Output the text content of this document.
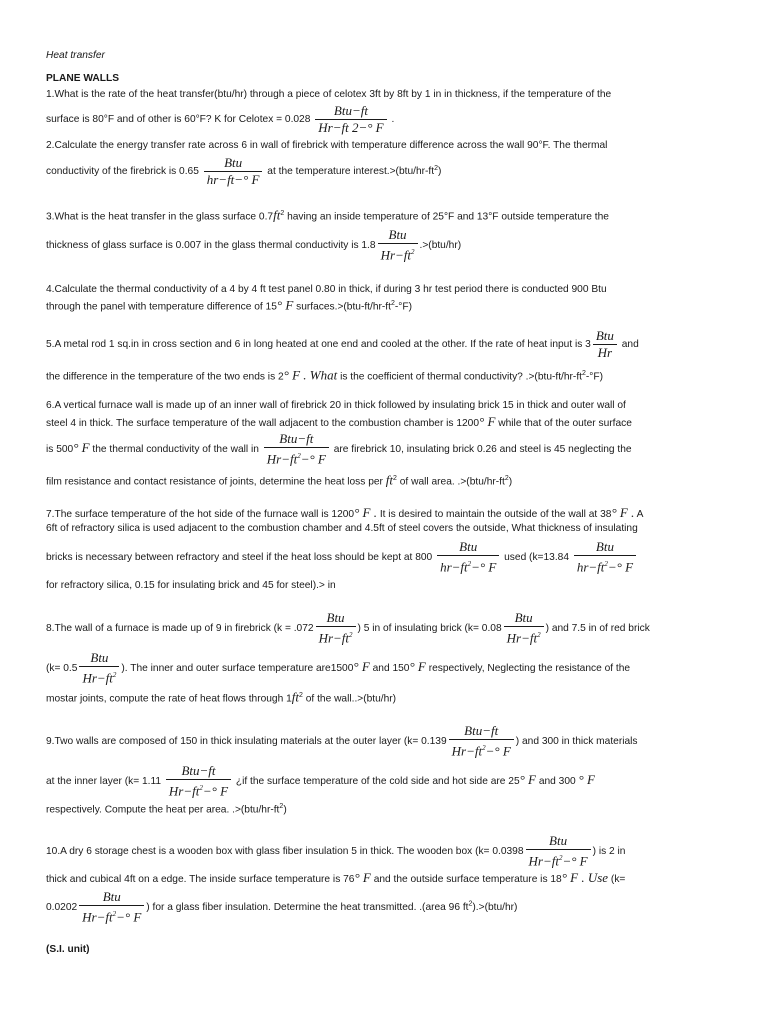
Heat transfer
PLANE WALLS
1.What is the rate of the heat transfer(btu/hr) through a piece of celotex 3ft by 8ft by 1 in in thickness, if the temperature of the
surface is 80°F and of other is 60°F? K for Celotex = $0.028 \frac{\text{Btu−ft}}{Hr-ft 2-^\circ F}$ .
2.Calculate the energy transfer rate across 6 in wall of firebrick with temperature difference across the wall 90°F. The thermal
conductivity of the firebrick is $0.65 \frac{\text{Btu}}{hr-ft-^\circ F}$ at the temperature $interest.>(btu/hr-ft^2)$
3.What is the heat transfer in the glass surface $0.7ft^2$ having an inside temperature of 25°F and 13°F outside temperature the
thickness of glass surface is 0.007 in the glass thermal conductivity is $1.8 \frac{\text{Btu}}{Hr-ft^2} .>(btu/hr)$
4.Calculate the thermal conductivity of a 4 by 4 ft test panel 0.80 in thick, if during 3 hr test period there is conducted 900 Btu
through the panel with temperature difference of 15° F $surfaces.>(btu-ft/hr-ft^2-^\circ F)$
5.A metal rod 1 sq.in in cross section and 6 in long heated at one end and cooled at the other. If the rate of heat input is $3 \frac{\text{Btu}}{Hr}$ and
the difference in the temperature of the two ends is 2° F . What is the coefficient of thermal conductivity? $.>(btu-ft/hr-ft^2-^\circ F)$
6.A vertical furnace wall is made up of an inner wall of firebrick 20 in thick followed by insulating brick 15 in thick and outer wall of
steel 4 in thick. The surface temperature of the wall adjacent to the combustion chamber is 1200° F while that of the outer surface
is 500° F the thermal conductivity of the wall in $\frac{\text{Btu−ft}}{Hr-ft^2-^\circ F}$ are firebrick 10, insulating brick 0.26 and steel is 45 neglecting the
film resistance and contact resistance of joints, determine the heat loss per $ft^2$ of wall area. $.>(btu/hr-ft^2)$
7.The surface temperature of the hot side of the furnace wall is 1200° F . It is desired to maintain the outside of the wall at 38° F . A
6ft of refractory silica is used adjacent to the combustion chamber and 4.5ft of steel covers the outside, What thickness of insulating
bricks is necessary between refractory and steel if the heat loss should be kept at $800 \frac{\text{Btu}}{hr-ft^2-^\circ F}$ used ($k=13.84 \frac{\text{Btu}}{hr-ft^2-^\circ F}$
for refractory silica, 0.15 for insulating brick and 45 for steel).> in
8.The wall of a furnace is made up of 9 in firebrick ($k = .072 \frac{\text{Btu}}{Hr-ft^2}$ ) 5 in of insulating brick ($k= 0.08 \frac{\text{Btu}}{Hr-ft^2}$ ) and 7.5 in of red brick
($k= 0.5 \frac{\text{Btu}}{Hr-ft^2}$ ). The inner and outer surface temperature are1500° F and 150° F respectively, Neglecting the resistance of the
mostar joints, compute the rate of heat flows through $1ft^2$ of the wall..>(btu/hr)
9.Two walls are composed of 150 in thick insulating materials at the outer layer ($k= 0.139 \frac{\text{Btu−ft}}{Hr-ft^2-^\circ F}$ ) and 300 in thick materials
at the inner layer ($k= 1.11 \frac{\text{Btu−ft}}{Hr-ft^2-^\circ F}$ ¿if the surface temperature of the cold side and hot side are 25° F and 300 ° F
respectively. Compute the heat per area. $.>(btu/hr-ft^2)$
10.A dry 6 storage chest is a wooden box with glass fiber insulation 5 in thick. The wooden box ($k= 0.0398 \frac{\text{Btu}}{Hr-ft^2-^\circ F}$ ) is 2 in
thick and cubical 4ft on a edge. The inside surface temperature is 76° F and the outside surface temperature is 18° F . Use (k=
$0.0202 \frac{\text{Btu}}{Hr-ft^2-^\circ F}$ ) for a glass fiber insulation. Determine the heat transmitted. .(area 96 $ft^2).>(btu/hr)$
(S.I. unit)
